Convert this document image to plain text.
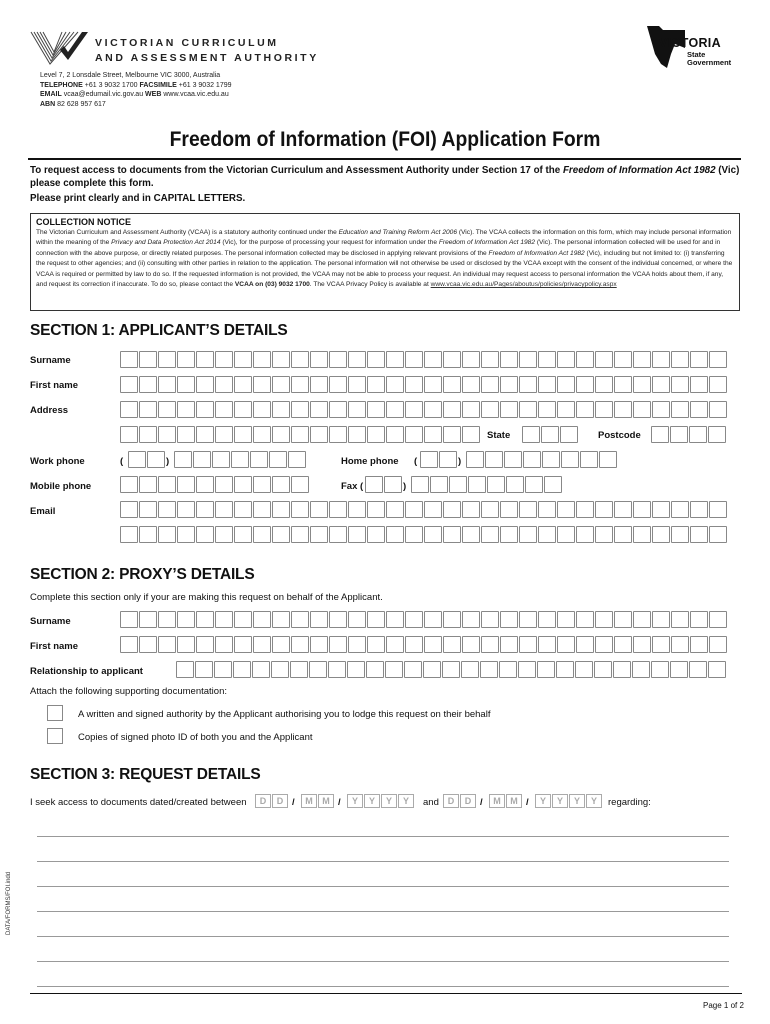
VICTORIAN CURRICULUM
AND ASSESSMENT AUTHORITY
Level 7, 2 Lonsdale Street, Melbourne VIC 3000, Australia
TELEPHONE +61 3 9032 1700 FACSIMILE +61 3 9032 1799
EMAIL vcaa@edumail.vic.gov.au WEB www.vcaa.vic.edu.au
ABN 82 628 957 617
VICTORIA
State
Government
Freedom of Information (FOI) Application Form
To request access to documents from the Victorian Curriculum and Assessment Authority under Section 17 of the Freedom of Information Act 1982 (Vic)
please complete this form.
Please print clearly and in CAPITAL LETTERS.
COLLECTION NOTICE
The Victorian Curriculum and Assessment Authority (VCAA) is a statutory authority continued under the Education and Training Reform Act 2006 (Vic). The VCAA collects the information on this form, which may include personal information within the meaning of the Privacy and Data Protection Act 2014 (Vic), for the purpose of processing your request for information under the Freedom of Information Act 1982 (Vic). The personal information collected will be used for and in connection with the above purpose, or directly related purposes. The personal information collected may be disclosed in applying relevant provisions of the Freedom of Information Act 1982 (Vic), including but not limited to: (i) transferring the request to other agencies; and (ii) consulting with other parties in relation to the application. The personal information will not otherwise be used or disclosed by the VCAA except with the consent of the individual concerned, or where the VCAA is required or permitted by law to do so. If the requested information is not provided, the VCAA may not be able to process your request. An individual may request access to personal information the VCAA holds about them, if any, and request its correction if inaccurate. To do so, please contact the VCAA on (03) 9032 1700. The VCAA Privacy Policy is available at www.vcaa.vic.edu.au/Pages/aboutus/policies/privacypolicy.aspx
SECTION 1: APPLICANT’S DETAILS
Surname
First name
Address
State	Postcode
Work phone	(	)	Home phone (	)
Mobile phone	Fax (	)
Email
SECTION 2: PROXY’S DETAILS
Complete this section only if your are making this request on behalf of the Applicant.
Surname
First name
Relationship to applicant
Attach the following supporting documentation:
A written and signed authority by the Applicant authorising you to lodge this request on their behalf
Copies of signed photo ID of both you and the Applicant
SECTION 3: REQUEST DETAILS
I seek access to documents dated/created between	D	D /	M	M /	Y	Y	Y	Y	and D	D /	M	M /	Y	Y	Y	Y	regarding:
DATA/FORMS/FOI.indd
Page 1 of 2
